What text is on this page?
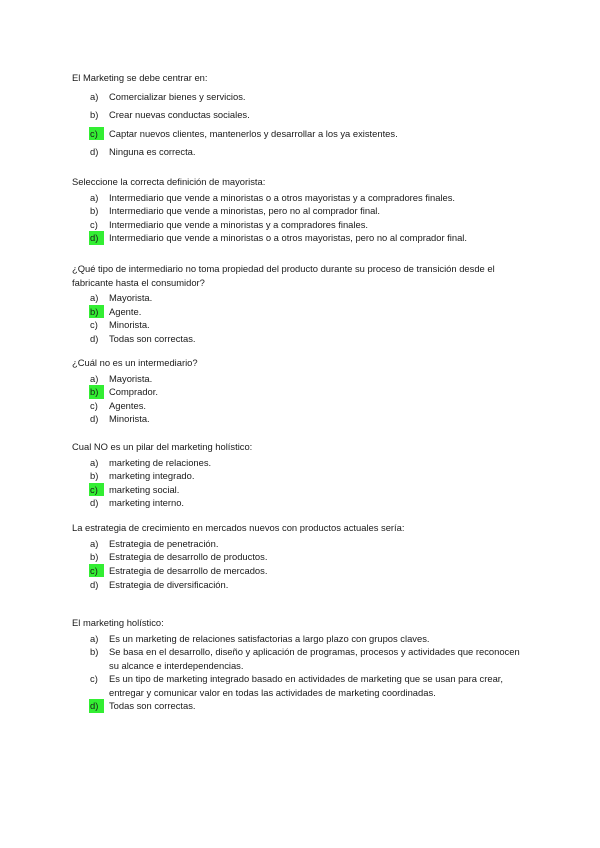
El Marketing se debe centrar en:
a) Comercializar bienes y servicios.
b) Crear nuevas conductas sociales.
c)	Captar nuevos clientes, mantenerlos y desarrollar a los ya existentes.
d) Ninguna es correcta.
Seleccione la correcta definición de mayorista:
a) Intermediario que vende a minoristas o a otros mayoristas y a compradores finales.
b) Intermediario que vende a minoristas, pero no al comprador final.
c) Intermediario que vende a minoristas y a compradores finales.
d)	Intermediario que vende a minoristas o a otros mayoristas, pero no al comprador final.
¿Qué tipo de intermediario no toma propiedad del producto durante su proceso de transición desde el fabricante hasta el consumidor?
a) Mayorista.
b)	Agente.
c) Minorista.
d) Todas son correctas.
¿Cuál no es un intermediario?
a) Mayorista.
b)	Comprador.
c) Agentes.
d) Minorista.
Cual NO es un pilar del marketing holístico:
a) marketing de relaciones.
b) marketing integrado.
c)	marketing social.
d) marketing interno.
La estrategia de crecimiento en mercados nuevos con productos actuales sería:
a) Estrategia de penetración.
b) Estrategia de desarrollo de productos.
c)	Estrategia de desarrollo de mercados.
d) Estrategia de diversificación.
El marketing holístico:
a) Es un marketing de relaciones satisfactorias a largo plazo con grupos claves.
b) Se basa en el desarrollo, diseño y aplicación de programas, procesos y actividades que reconocen su alcance e interdependencias.
c) Es un tipo de marketing integrado basado en actividades de marketing que se usan para crear, entregar y comunicar valor en todas las actividades de marketing coordinadas.
d)	Todas son correctas.
